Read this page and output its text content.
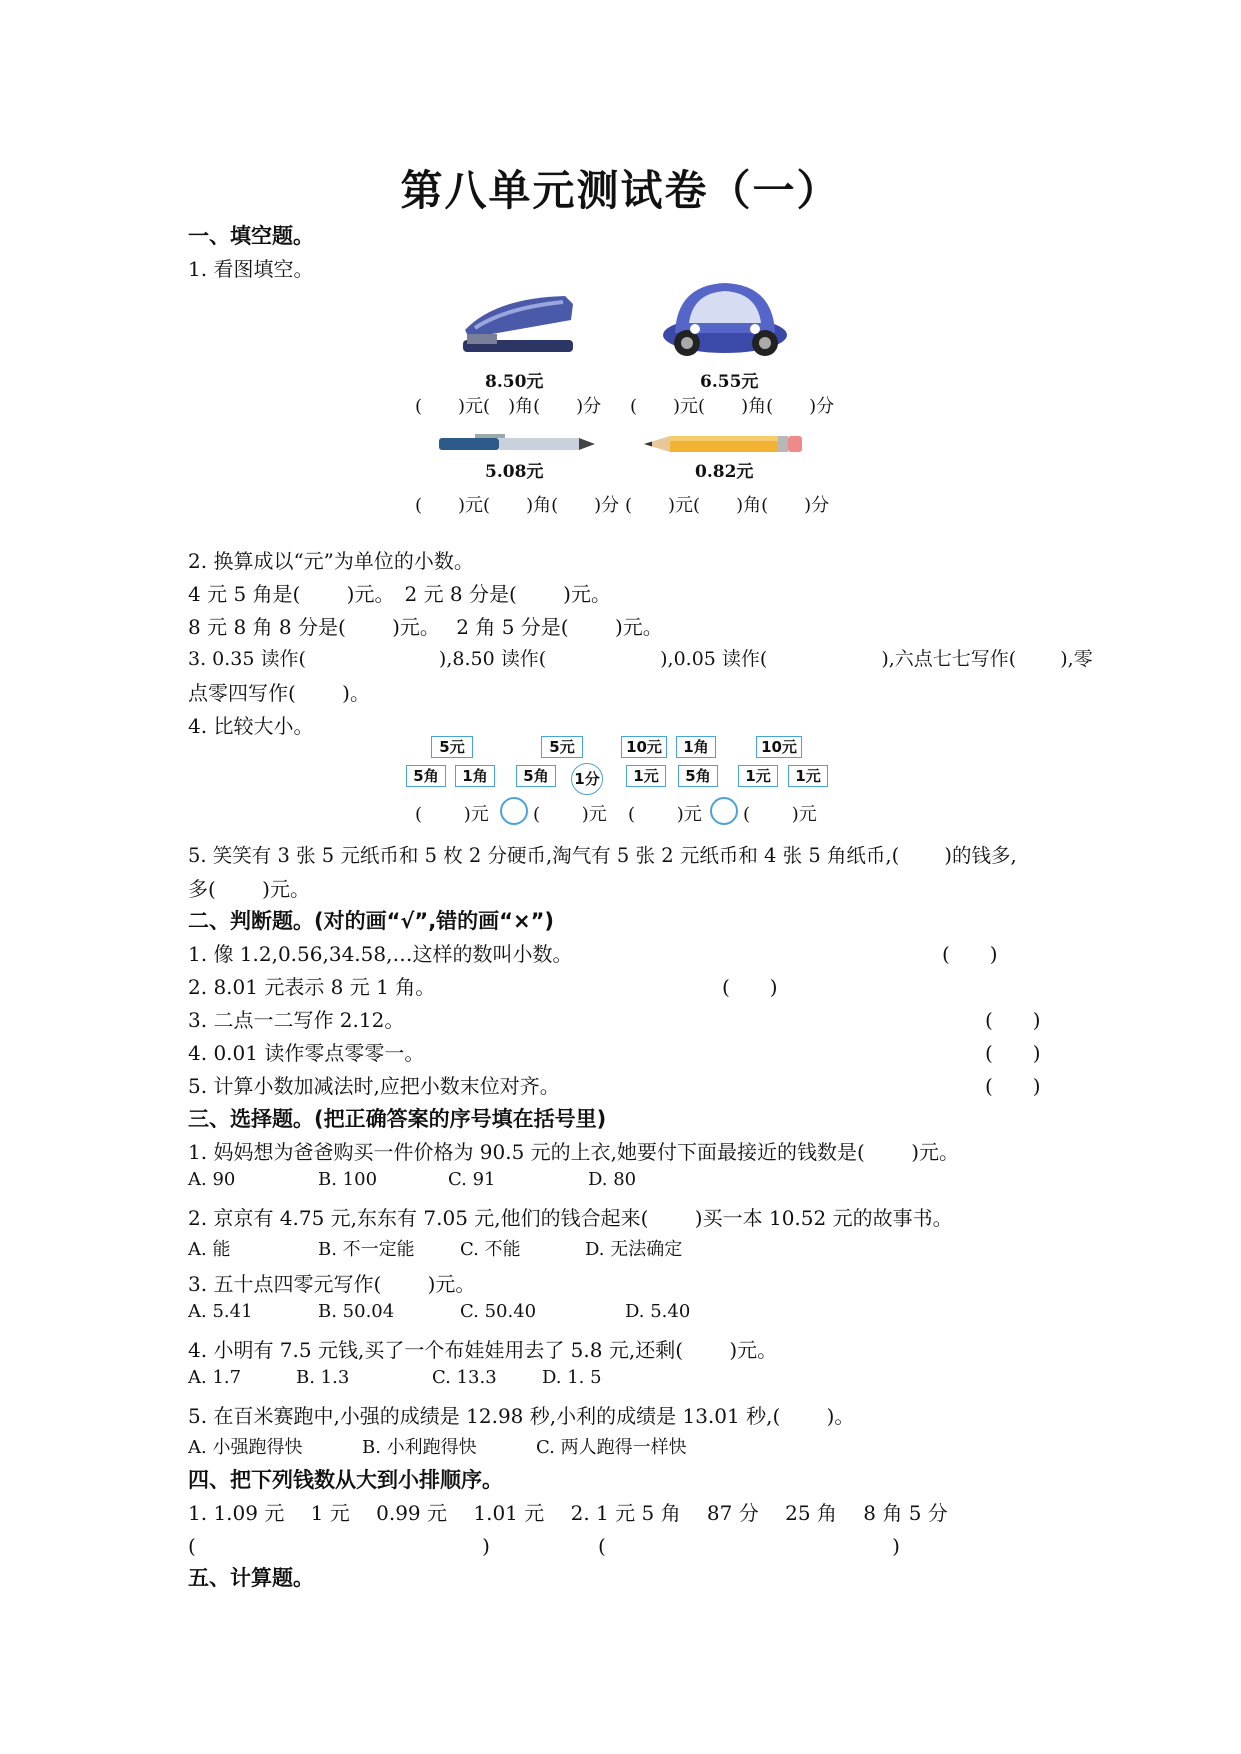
第八单元测试卷（一）
一、填空题。
1. 看图填空。
8.50元	6.55元
(　　)元(　)角(　　)分 (　　)元(　　)角(　　)分
5.08元	0.82元
(　　)元(　　)角(　　)分 (　　)元(　　)角(　　)分
2. 换算成以“元”为单位的小数。
4 元 5 角是(　　 )元。　2 元 8 分是(　　 )元。
8 元 8 角 8 分是(　　 )元。　 2 角 5 分是(　　 )元。
3. 0.35 读作(　　　　　　　),8.50 读作(　　　　　　),0.05 读作(　　　　　　),六点七七写作(　　 ),零
点零四写作(　　 )。
4. 比较大小。
5元	5元
5角	1角	5角	1分
10元	1角	10元
1元	5角	1元	1元
(　　 )元 (　　 )元 (　　 )元 (　　 )元
5. 笑笑有 3 张 5 元纸币和 5 枚 2 分硬币,淘气有 5 张 2 元纸币和 4 张 5 角纸币,(　　 )的钱多,
多(　　 )元。
二、判断题。(对的画“√”,错的画“×”)
1. 像 1.2,0.56,34.58,…这样的数叫小数。	(　　)
2. 8.01 元表示 8 元 1 角。	(　　)
3. 二点一二写作 2.12。	(　　)
4. 0.01 读作零点零零一。	(　　)
5. 计算小数加减法时,应把小数末位对齐。	(　　)
三、选择题。(把正确答案的序号填在括号里)
1. 妈妈想为爸爸购买一件价格为 90.5 元的上衣,她要付下面最接近的钱数是(　　 )元。
A. 90	B. 100	C. 91	D. 80
2. 京京有 4.75 元,东东有 7.05 元,他们的钱合起来(　　 )买一本 10.52 元的故事书。
A. 能	B. 不一定能	C. 不能	D. 无法确定
3. 五十点四零元写作(　　 )元。
A. 5.41	B. 50.04	C. 50.40	D. 5.40
4. 小明有 7.5 元钱,买了一个布娃娃用去了 5.8 元,还剩(　　 )元。
A. 1.7	B. 1.3	C. 13.3	D. 1. 5
5. 在百米赛跑中,小强的成绩是 12.98 秒,小利的成绩是 13.01 秒,(　　 )。
A. 小强跑得快	B. 小利跑得快	C. 两人跑得一样快
四、把下列钱数从大到小排顺序。
1. 1.09 元　 1 元　 0.99 元　 1.01 元　 2. 1 元 5 角　 87 分　 25 角　 8 角 5 分
(　　　　　　　　　　　　　　 )	(　　　　　　　　　　　　　　 )
五、计算题。
